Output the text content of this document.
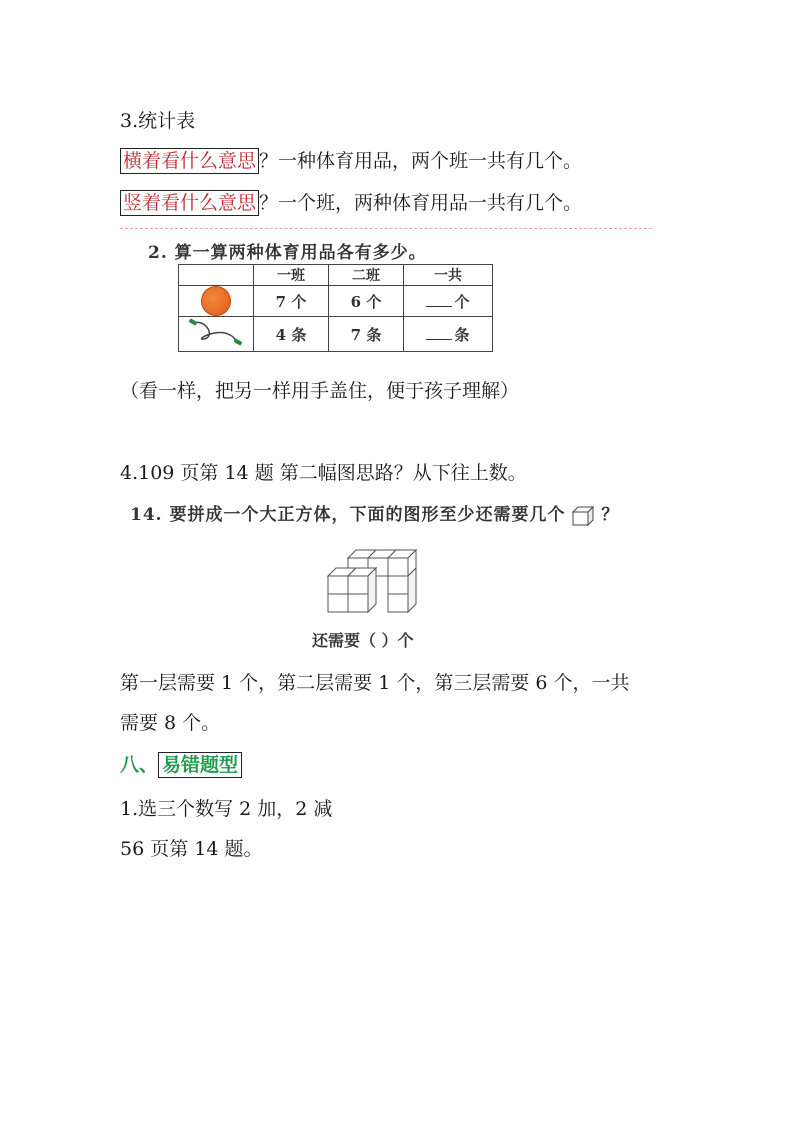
3.统计表
横着看什么意思 ？一种体育用品，两个班一共有几个。
竖着看什么意思 ？一个班，两种体育用品一共有几个。
2. 算一算两种体育用品各有多少。
	一班	二班	一共
	7 个	6 个	个
	4 条	7 条	条
（看一样，把另一样用手盖住，便于孩子理解）
4.109 页第 14 题 第二幅图思路？从下往上数。
14. 要拼成一个大正方体，下面的图形至少还需要几个 ？
还需要（ ）个
第一层需要 1 个，第二层需要 1 个，第三层需要 6 个，一共
需要 8 个。
八、 易错题型
1.选三个数写 2 加，2 减
56 页第 14 题。
